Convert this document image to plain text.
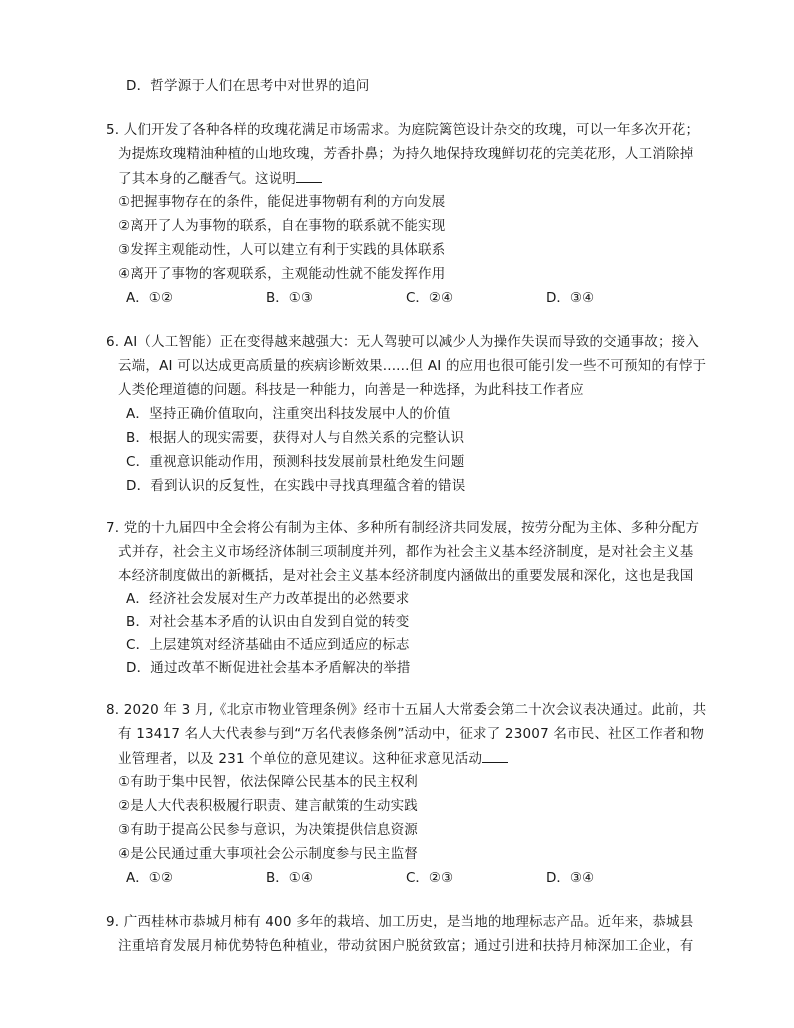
D．哲学源于人们在思考中对世界的追问
5. 人们开发了各种各样的玫瑰花满足市场需求。为庭院篱笆设计杂交的玫瑰，可以一年多次开花；
为提炼玫瑰精油种植的山地玫瑰，芳香扑鼻；为持久地保持玫瑰鲜切花的完美花形，人工消除掉
了其本身的乙醚香气。这说明
①把握事物存在的条件，能促进事物朝有利的方向发展
②离开了人为事物的联系，自在事物的联系就不能实现
③发挥主观能动性，人可以建立有利于实践的具体联系
④离开了事物的客观联系，主观能动性就不能发挥作用
A．①②	B．①③	C．②④	D．③④
6. AI（人工智能）正在变得越来越强大：无人驾驶可以减少人为操作失误而导致的交通事故；接入
云端，AI 可以达成更高质量的疾病诊断效果......但 AI 的应用也很可能引发一些不可预知的有悖于
人类伦理道德的问题。科技是一种能力，向善是一种选择，为此科技工作者应
A．坚持正确价值取向，注重突出科技发展中人的价值
B．根据人的现实需要，获得对人与自然关系的完整认识
C．重视意识能动作用，预测科技发展前景杜绝发生问题
D．看到认识的反复性，在实践中寻找真理蕴含着的错误
7. 党的十九届四中全会将公有制为主体、多种所有制经济共同发展，按劳分配为主体、多种分配方
式并存，社会主义市场经济体制三项制度并列，都作为社会主义基本经济制度，是对社会主义基
本经济制度做出的新概括，是对社会主义基本经济制度内涵做出的重要发展和深化，这也是我国
A．经济社会发展对生产力改革提出的必然要求
B．对社会基本矛盾的认识由自发到自觉的转变
C．上层建筑对经济基础由不适应到适应的标志
D．通过改革不断促进社会基本矛盾解决的举措
8. 2020 年 3 月,《北京市物业管理条例》经市十五届人大常委会第二十次会议表决通过。此前，共
有 13417 名人大代表参与到“万名代表修条例”活动中，征求了 23007 名市民、社区工作者和物
业管理者，以及 231 个单位的意见建议。这种征求意见活动
①有助于集中民智，依法保障公民基本的民主权利
②是人大代表积极履行职责、建言献策的生动实践
③有助于提高公民参与意识，为决策提供信息资源
④是公民通过重大事项社会公示制度参与民主监督
A．①②	B．①④	C．②③	D．③④
9. 广西桂林市恭城月柿有 400 多年的栽培、加工历史，是当地的地理标志产品。近年来，恭城县
注重培育发展月柿优势特色种植业，带动贫困户脱贫致富；通过引进和扶持月柿深加工企业，有
